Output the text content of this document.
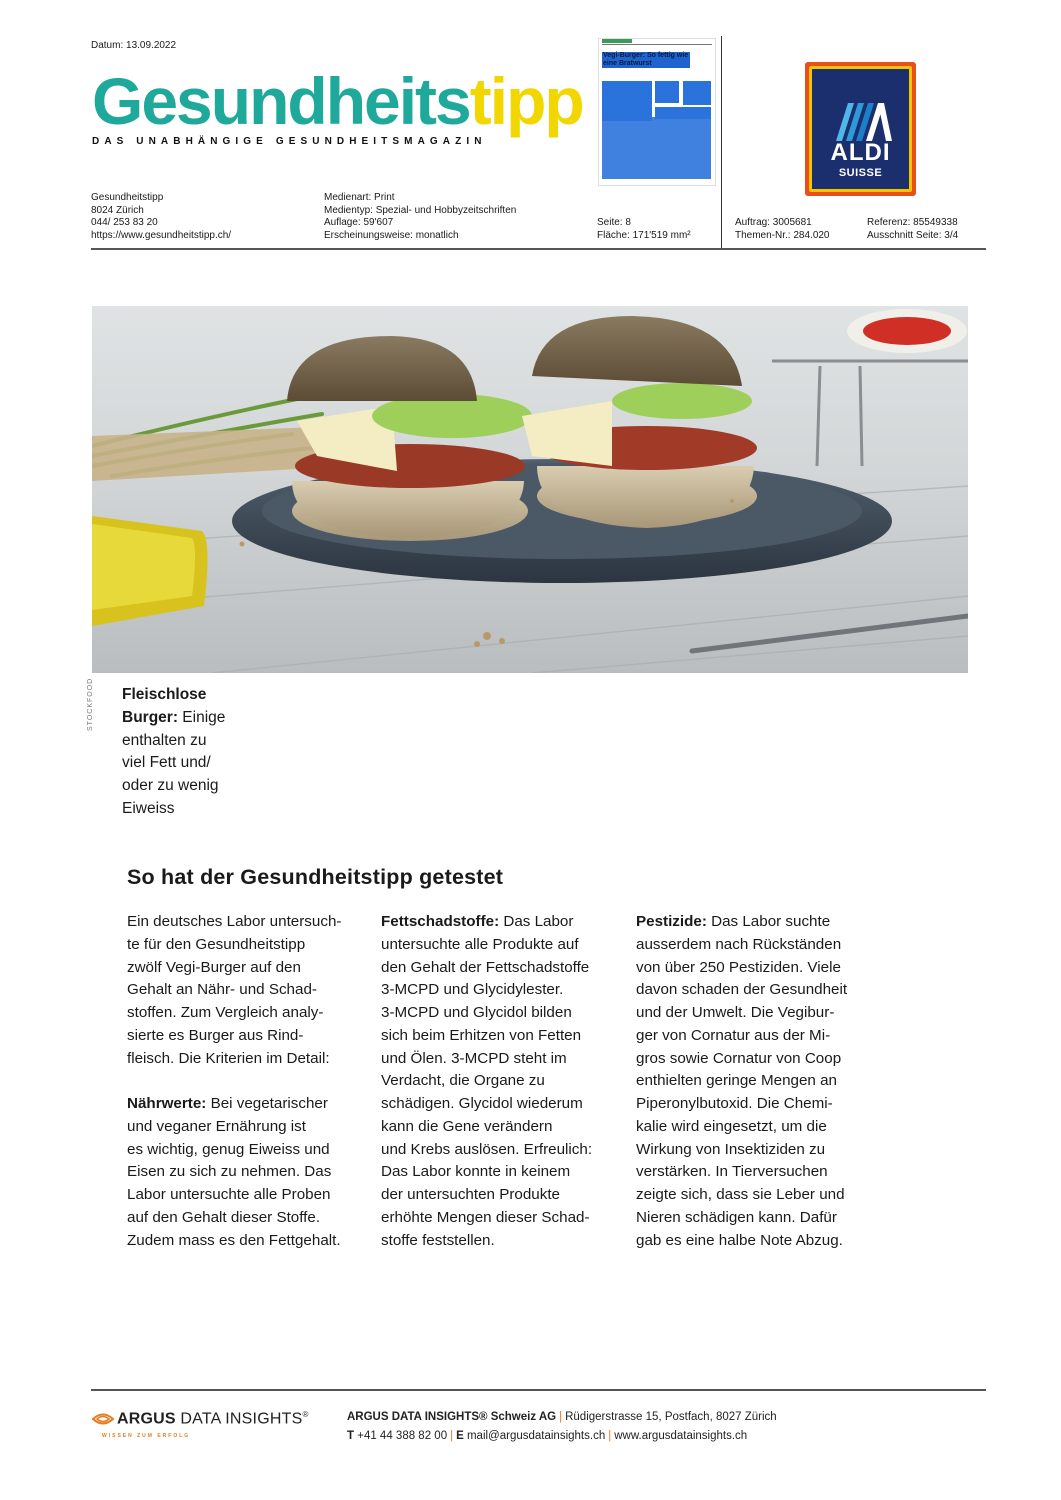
Datum: 13.09.2022
Gesundheits tipp
DAS UNABHÄNGIGE GESUNDHEITSMAGAZIN
Vegi-Burger: So fettig wie eine Bratwurst
ALDI
SUISSE
Gesundheitstipp
8024 Zürich
044/ 253 83 20
https://www.gesundheitstipp.ch/
Medienart: Print
Medientyp: Spezial- und Hobbyzeitschriften
Auflage: 59'607
Erscheinungsweise: monatlich
Seite: 8
Fläche: 171'519 mm²
Auftrag: 3005681
Themen-Nr.: 284.020
Referenz: 85549338
Ausschnitt Seite: 3/4
STOCKFOOD Fleischlose
Burger: Einige
enthalten zu
viel Fett und/
oder zu wenig
Eiweiss
So hat der Gesundheitstipp getestet

Ein deutsches Labor untersuch-
te für den Gesundheitstipp
zwölf Vegi-Burger auf den
Gehalt an Nähr- und Schad-
stoffen. Zum Vergleich analy-
sierte es Burger aus Rind-
fleisch. Die Kriterien im Detail:

Nährwerte: Bei vegetarischer
und veganer Ernährung ist
es wichtig, genug Eiweiss und
Eisen zu sich zu nehmen. Das
Labor untersuchte alle Proben
auf den Gehalt dieser Stoffe.
Zudem mass es den Fettgehalt.

Fettschadstoffe: Das Labor
untersuchte alle Produkte auf
den Gehalt der Fettschadstoffe
3-MCPD und Glycidylester.
3-MCPD und Glycidol bilden
sich beim Erhitzen von Fetten
und Ölen. 3-MCPD steht im
Verdacht, die Organe zu
schädigen. Glycidol wiederum
kann die Gene verändern
und Krebs auslösen. Erfreulich:
Das Labor konnte in keinem
der untersuchten Produkte
erhöhte Mengen dieser Schad-
stoffe feststellen.

Pestizide: Das Labor suchte
ausserdem nach Rückständen
von über 250 Pestiziden. Viele
davon schaden der Gesundheit
und der Umwelt. Die Vegibur-
ger von Cornatur aus der Mi-
gros sowie Cornatur von Coop
enthielten geringe Mengen an
Piperonylbutoxid. Die Chemi-
kalie wird eingesetzt, um die
Wirkung von Insektiziden zu
verstärken. In Tierversuchen
zeigte sich, dass sie Leber und
Nieren schädigen kann. Dafür
gab es eine halbe Note Abzug.

ARGUS DATA INSIGHTS®
WISSEN ZUM ERFOLG
ARGUS DATA INSIGHTS® Schweiz AG | Rüdigerstrasse 15, Postfach, 8027 Zürich
T +41 44 388 82 00 | E mail@argusdatainsights.ch | www.argusdatainsights.ch
